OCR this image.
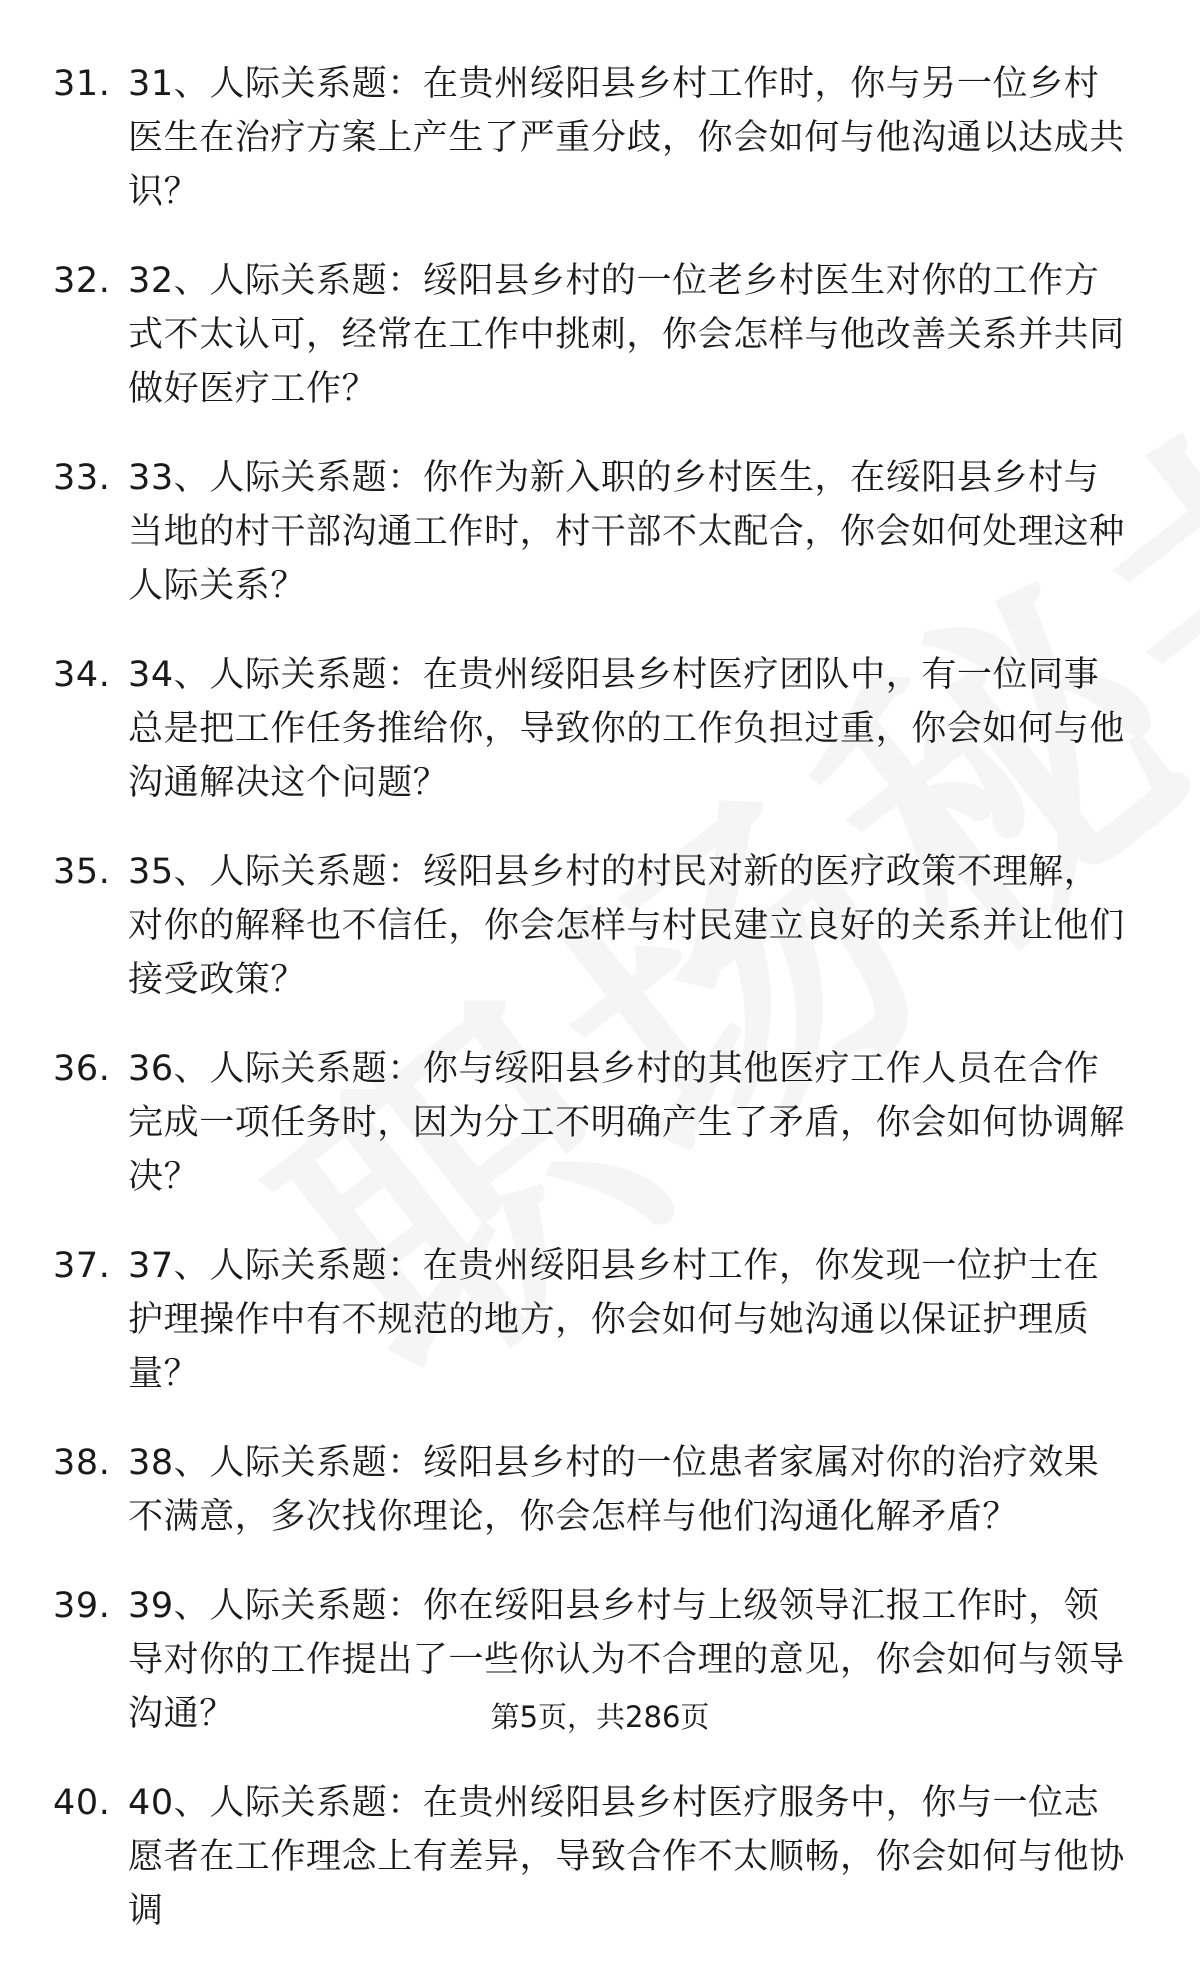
31. 31、人际关系题：在贵州绥阳县乡村工作时，你与另一位乡村医生在治疗方案上产生了严重分歧，你会如何与他沟通以达成共识？
32. 32、人际关系题：绥阳县乡村的一位老乡村医生对你的工作方式不太认可，经常在工作中挑刺，你会怎样与他改善关系并共同做好医疗工作？
33. 33、人际关系题：你作为新入职的乡村医生，在绥阳县乡村与当地的村干部沟通工作时，村干部不太配合，你会如何处理这种人际关系？
34. 34、人际关系题：在贵州绥阳县乡村医疗团队中，有一位同事总是把工作任务推给你，导致你的工作负担过重，你会如何与他沟通解决这个问题？
35. 35、人际关系题：绥阳县乡村的村民对新的医疗政策不理解，对你的解释也不信任，你会怎样与村民建立良好的关系并让他们接受政策？
36. 36、人际关系题：你与绥阳县乡村的其他医疗工作人员在合作完成一项任务时，因为分工不明确产生了矛盾，你会如何协调解决？
37. 37、人际关系题：在贵州绥阳县乡村工作，你发现一位护士在护理操作中有不规范的地方，你会如何与她沟通以保证护理质量？
38. 38、人际关系题：绥阳县乡村的一位患者家属对你的治疗效果不满意，多次找你理论，你会怎样与他们沟通化解矛盾？
39. 39、人际关系题：你在绥阳县乡村与上级领导汇报工作时，领导对你的工作提出了一些你认为不合理的意见，你会如何与领导沟通？
40. 40、人际关系题：在贵州绥阳县乡村医疗服务中，你与一位志愿者在工作理念上有差异，导致合作不太顺畅，你会如何与他协调
第5页，共286页
